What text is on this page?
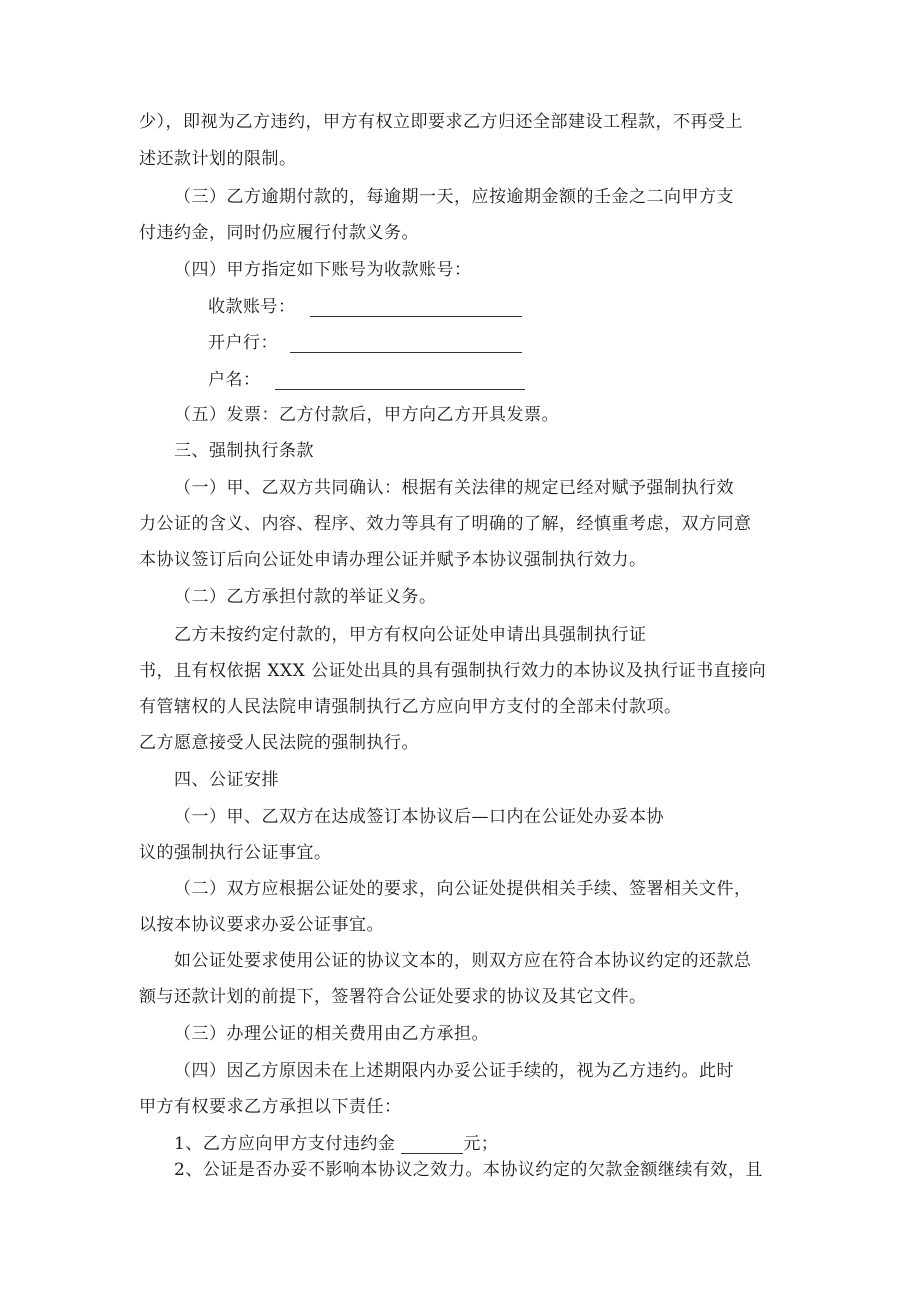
少），即视为乙方违约，甲方有权立即要求乙方归还全部建设工程款，不再受上
述还款计划的限制。
（三）乙方逾期付款的，每逾期一天，应按逾期金额的壬金之二向甲方支
付违约金，同时仍应履行付款义务。
（四）甲方指定如下账号为收款账号：
收款账号：
开户行：
户名：
（五）发票：乙方付款后，甲方向乙方开具发票。
三、强制执行条款
（一）甲、乙双方共同确认：根据有关法律的规定已经对赋予强制执行效
力公证的含义、内容、程序、效力等具有了明确的了解，经慎重考虑，双方同意
本协议签订后向公证处申请办理公证并赋予本协议强制执行效力。
（二）乙方承担付款的举证义务。
乙方未按约定付款的，甲方有权向公证处申请出具强制执行证
书，且有权依据 XXX 公证处出具的具有强制执行效力的本协议及执行证书直接向
有管辖权的人民法院申请强制执行乙方应向甲方支付的全部未付款项。
乙方愿意接受人民法院的强制执行。
四、公证安排
（一）甲、乙双方在达成签订本协议后—口内在公证处办妥本协
议的强制执行公证事宜。
（二）双方应根据公证处的要求，向公证处提供相关手续、签署相关文件，
以按本协议要求办妥公证事宜。
如公证处要求使用公证的协议文本的，则双方应在符合本协议约定的还款总
额与还款计划的前提下，签署符合公证处要求的协议及其它文件。
（三）办理公证的相关费用由乙方承担。
（四）因乙方原因未在上述期限内办妥公证手续的，视为乙方违约。此时
甲方有权要求乙方承担以下责任：
1、乙方应向甲方支付违约金	元；
2、公证是否办妥不影响本协议之效力。本协议约定的欠款金额继续有效，且
